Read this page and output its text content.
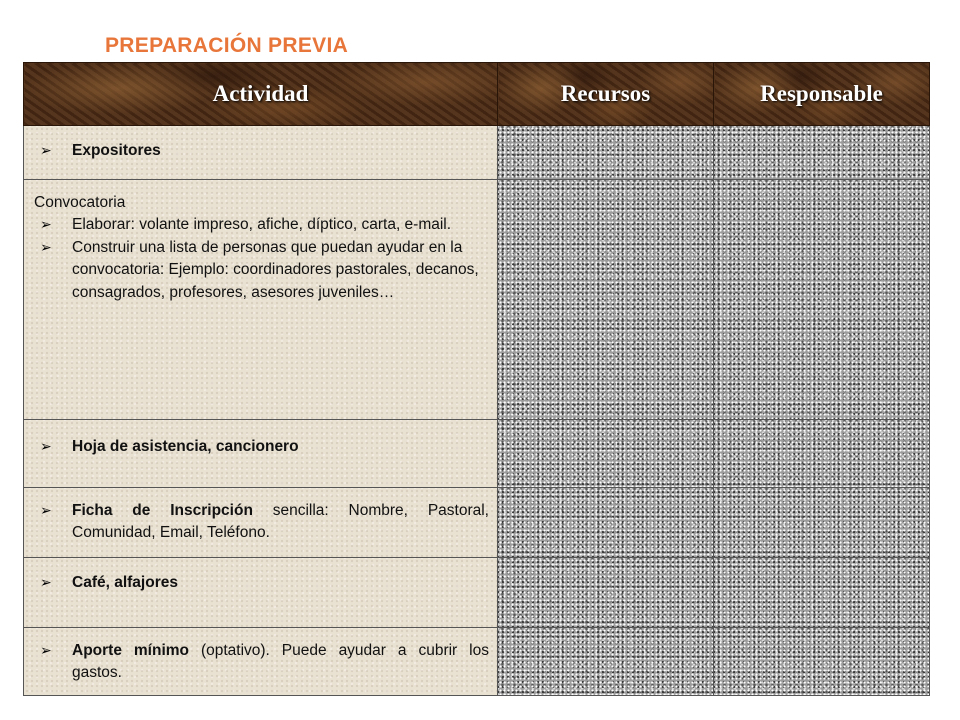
PREPARACIÓN PREVIA
Actividad	Recursos	Responsable

➢ Expositores		

Convocatoria
➢ Elaborar: volante impreso, afiche, díptico, carta, e-mail.
➢ Construir una lista de personas que puedan ayudar en la convocatoria: Ejemplo: coordinadores pastorales, decanos, consagrados, profesores, asesores juveniles…		

➢ Hoja de asistencia, cancionero		

➢ Ficha de Inscripción sencilla: Nombre, Pastoral, Comunidad, Email, Teléfono.		

➢ Café, alfajores		

➢ Aporte mínimo (optativo). Puede ayudar a cubrir los gastos.		
